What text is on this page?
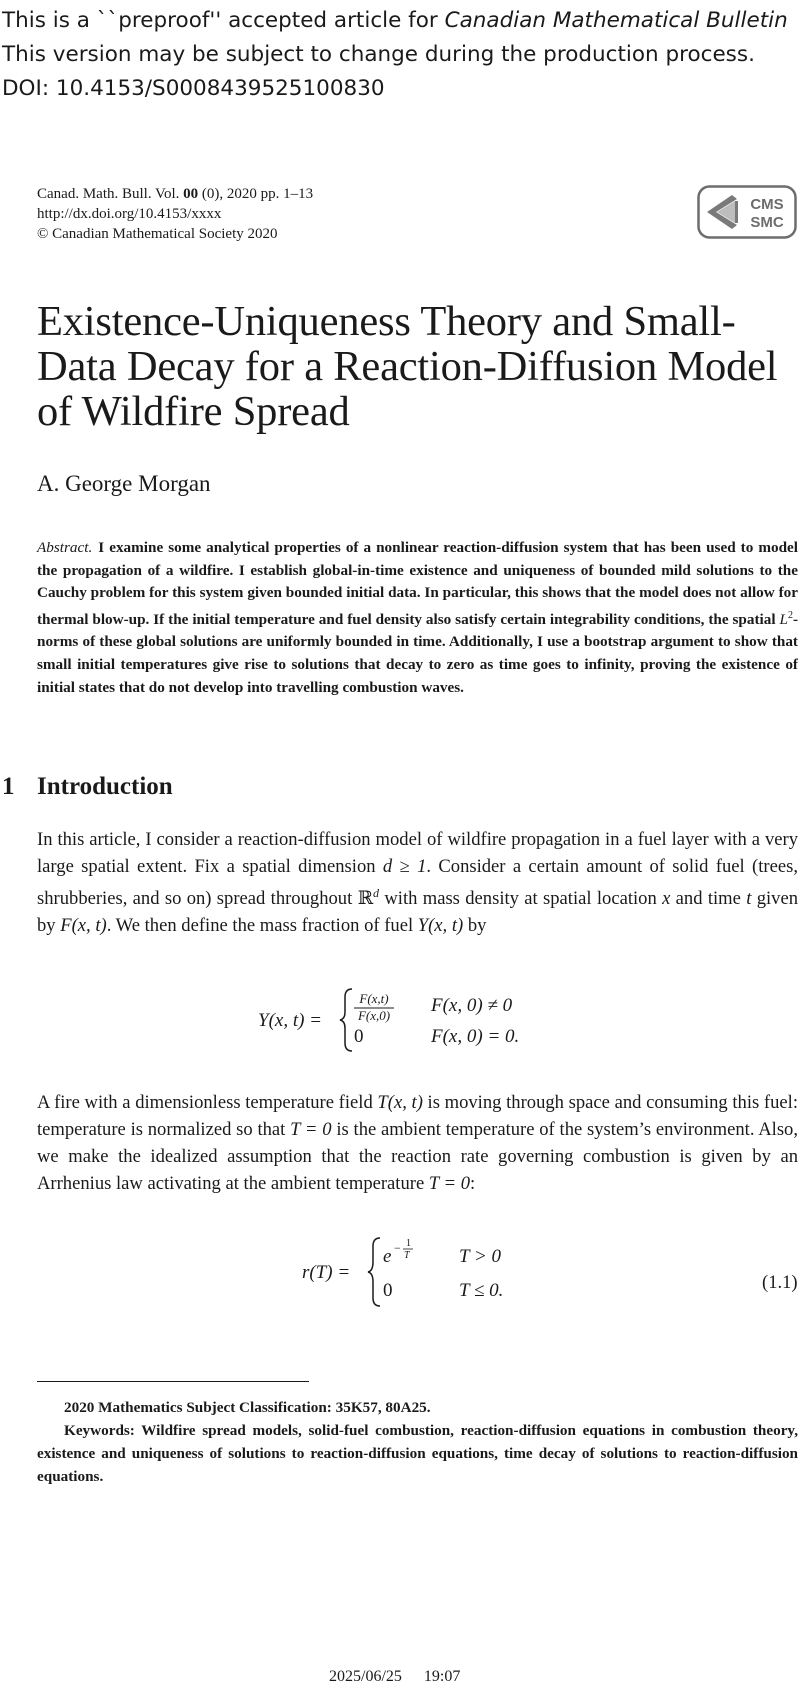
This is a ``preproof'' accepted article for Canadian Mathematical Bulletin
This version may be subject to change during the production process.
DOI: 10.4153/S0008439525100830
Canad. Math. Bull. Vol. 00 (0), 2020 pp. 1–13
http://dx.doi.org/10.4153/xxxx
© Canadian Mathematical Society 2020
CMS
SMC
Existence-Uniqueness Theory and Small-
Data Decay for a Reaction-Diffusion Model
of Wildfire Spread
A. George Morgan
Abstract. I examine some analytical properties of a nonlinear reaction-diffusion system that has been used to model the propagation of a wildfire. I establish global-in-time existence and uniqueness of bounded mild solutions to the Cauchy problem for this system given bounded initial data. In particular, this shows that the model does not allow for thermal blow-up. If the initial temperature and fuel density also satisfy certain integrability conditions, the spatial $L^2$-norms of these global solutions are uniformly bounded in time. Additionally, I use a bootstrap argument to show that small initial temperatures give rise to solutions that decay to zero as time goes to infinity, proving the existence of initial states that do not develop into travelling combustion waves.
1 Introduction
In this article, I consider a reaction-diffusion model of wildfire propagation in a fuel layer with a very large spatial extent. Fix a spatial dimension d ≥ 1. Consider a certain amount of solid fuel (trees, shrubberies, and so on) spread throughout ℝ$^d$ with mass density at spatial location x and time t given by F(x, t). We then define the mass fraction of fuel Y(x, t) by
Y(x, t) =
F(x,t)
F(x,0) F(x, 0) ≠ 0
0	F(x, 0) = 0.
A fire with a dimensionless temperature field T(x, t) is moving through space and consuming this fuel: temperature is normalized so that T = 0 is the ambient temperature of the system’s environment. Also, we make the idealized assumption that the reaction rate governing combustion is given by an Arrhenius law activating at the ambient temperature T = 0:
r(T) =
e − 1
T	T > 0
0	T ≤ 0.	(1.1)
2020 Mathematics Subject Classification: 35K57, 80A25.
Keywords: Wildfire spread models, solid-fuel combustion, reaction-diffusion equations in combustion theory, existence and uniqueness of solutions to reaction-diffusion equations, time decay of solutions to reaction-diffusion equations.
2025/06/25 19:07
